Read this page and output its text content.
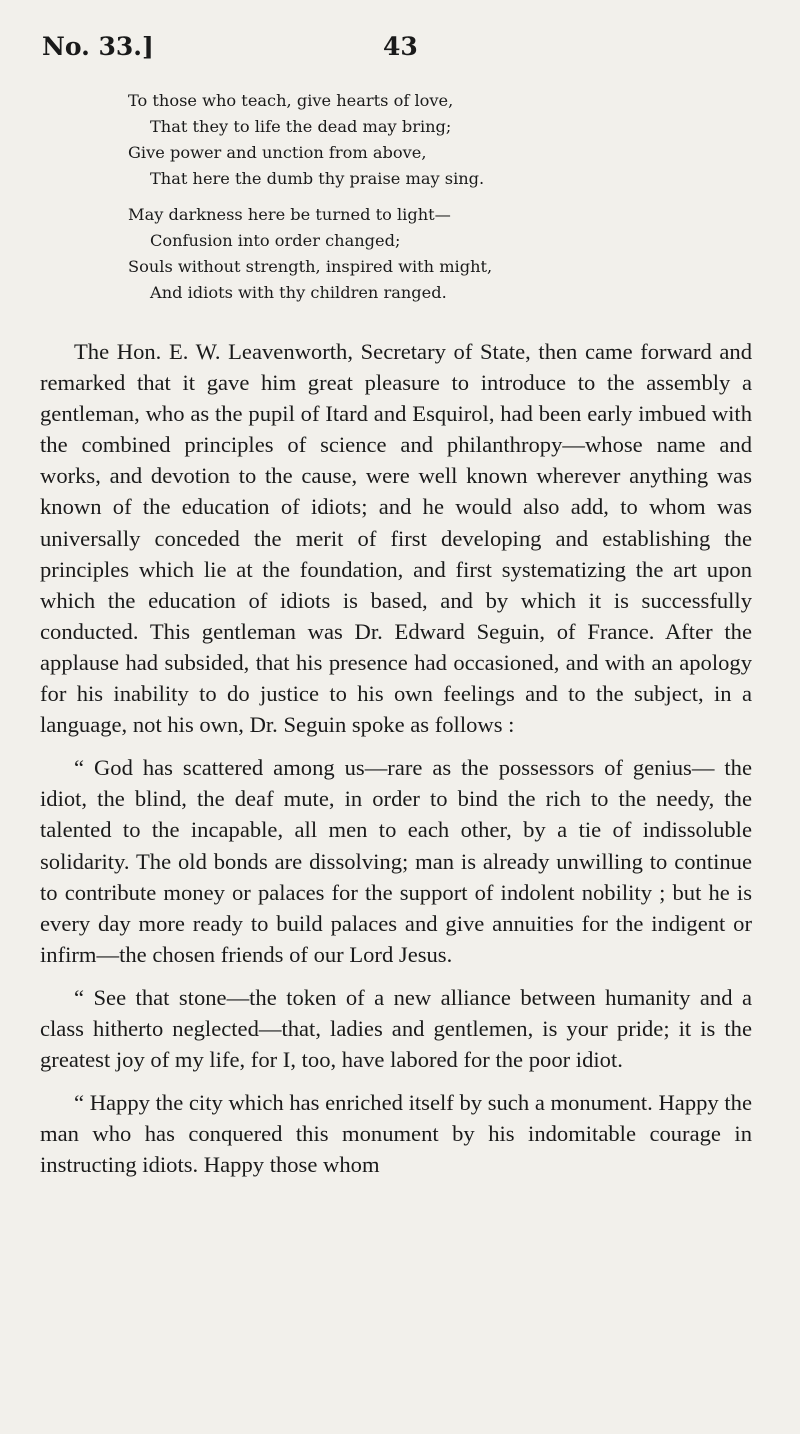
No. 33.]	43
To those who teach, give hearts of love,
That they to life the dead may bring;
Give power and unction from above,
That here the dumb thy praise may sing.
May darkness here be turned to light—
Confusion into order changed;
Souls without strength, inspired with might,
And idiots with thy children ranged.

The Hon. E. W. Leavenworth, Secretary of State, then came forward and remarked that it gave him great pleasure to introduce to the assembly a gentleman, who as the pupil of Itard and Esquirol, had been early imbued with the combined principles of science and philanthropy—whose name and works, and devotion to the cause, were well known wherever anything was known of the education of idiots; and he would also add, to whom was universally conceded the merit of first developing and establishing the principles which lie at the foundation, and first systematizing the art upon which the education of idiots is based, and by which it is successfully conducted. This gentleman was Dr. Edward Seguin, of France. After the applause had subsided, that his presence had occasioned, and with an apology for his inability to do justice to his own feelings and to the subject, in a language, not his own, Dr. Seguin spoke as follows :

“ God has scattered among us—rare as the possessors of genius— the idiot, the blind, the deaf mute, in order to bind the rich to the needy, the talented to the incapable, all men to each other, by a tie of indissoluble solidarity. The old bonds are dissolving; man is already unwilling to continue to contribute money or palaces for the support of indolent nobility ; but he is every day more ready to build palaces and give annuities for the indigent or infirm—the chosen friends of our Lord Jesus.

“ See that stone—the token of a new alliance between humanity and a class hitherto neglected—that, ladies and gentlemen, is your pride; it is the greatest joy of my life, for I, too, have labored for the poor idiot.

“ Happy the city which has enriched itself by such a monument. Happy the man who has conquered this monument by his indomitable courage in instructing idiots. Happy those whom
